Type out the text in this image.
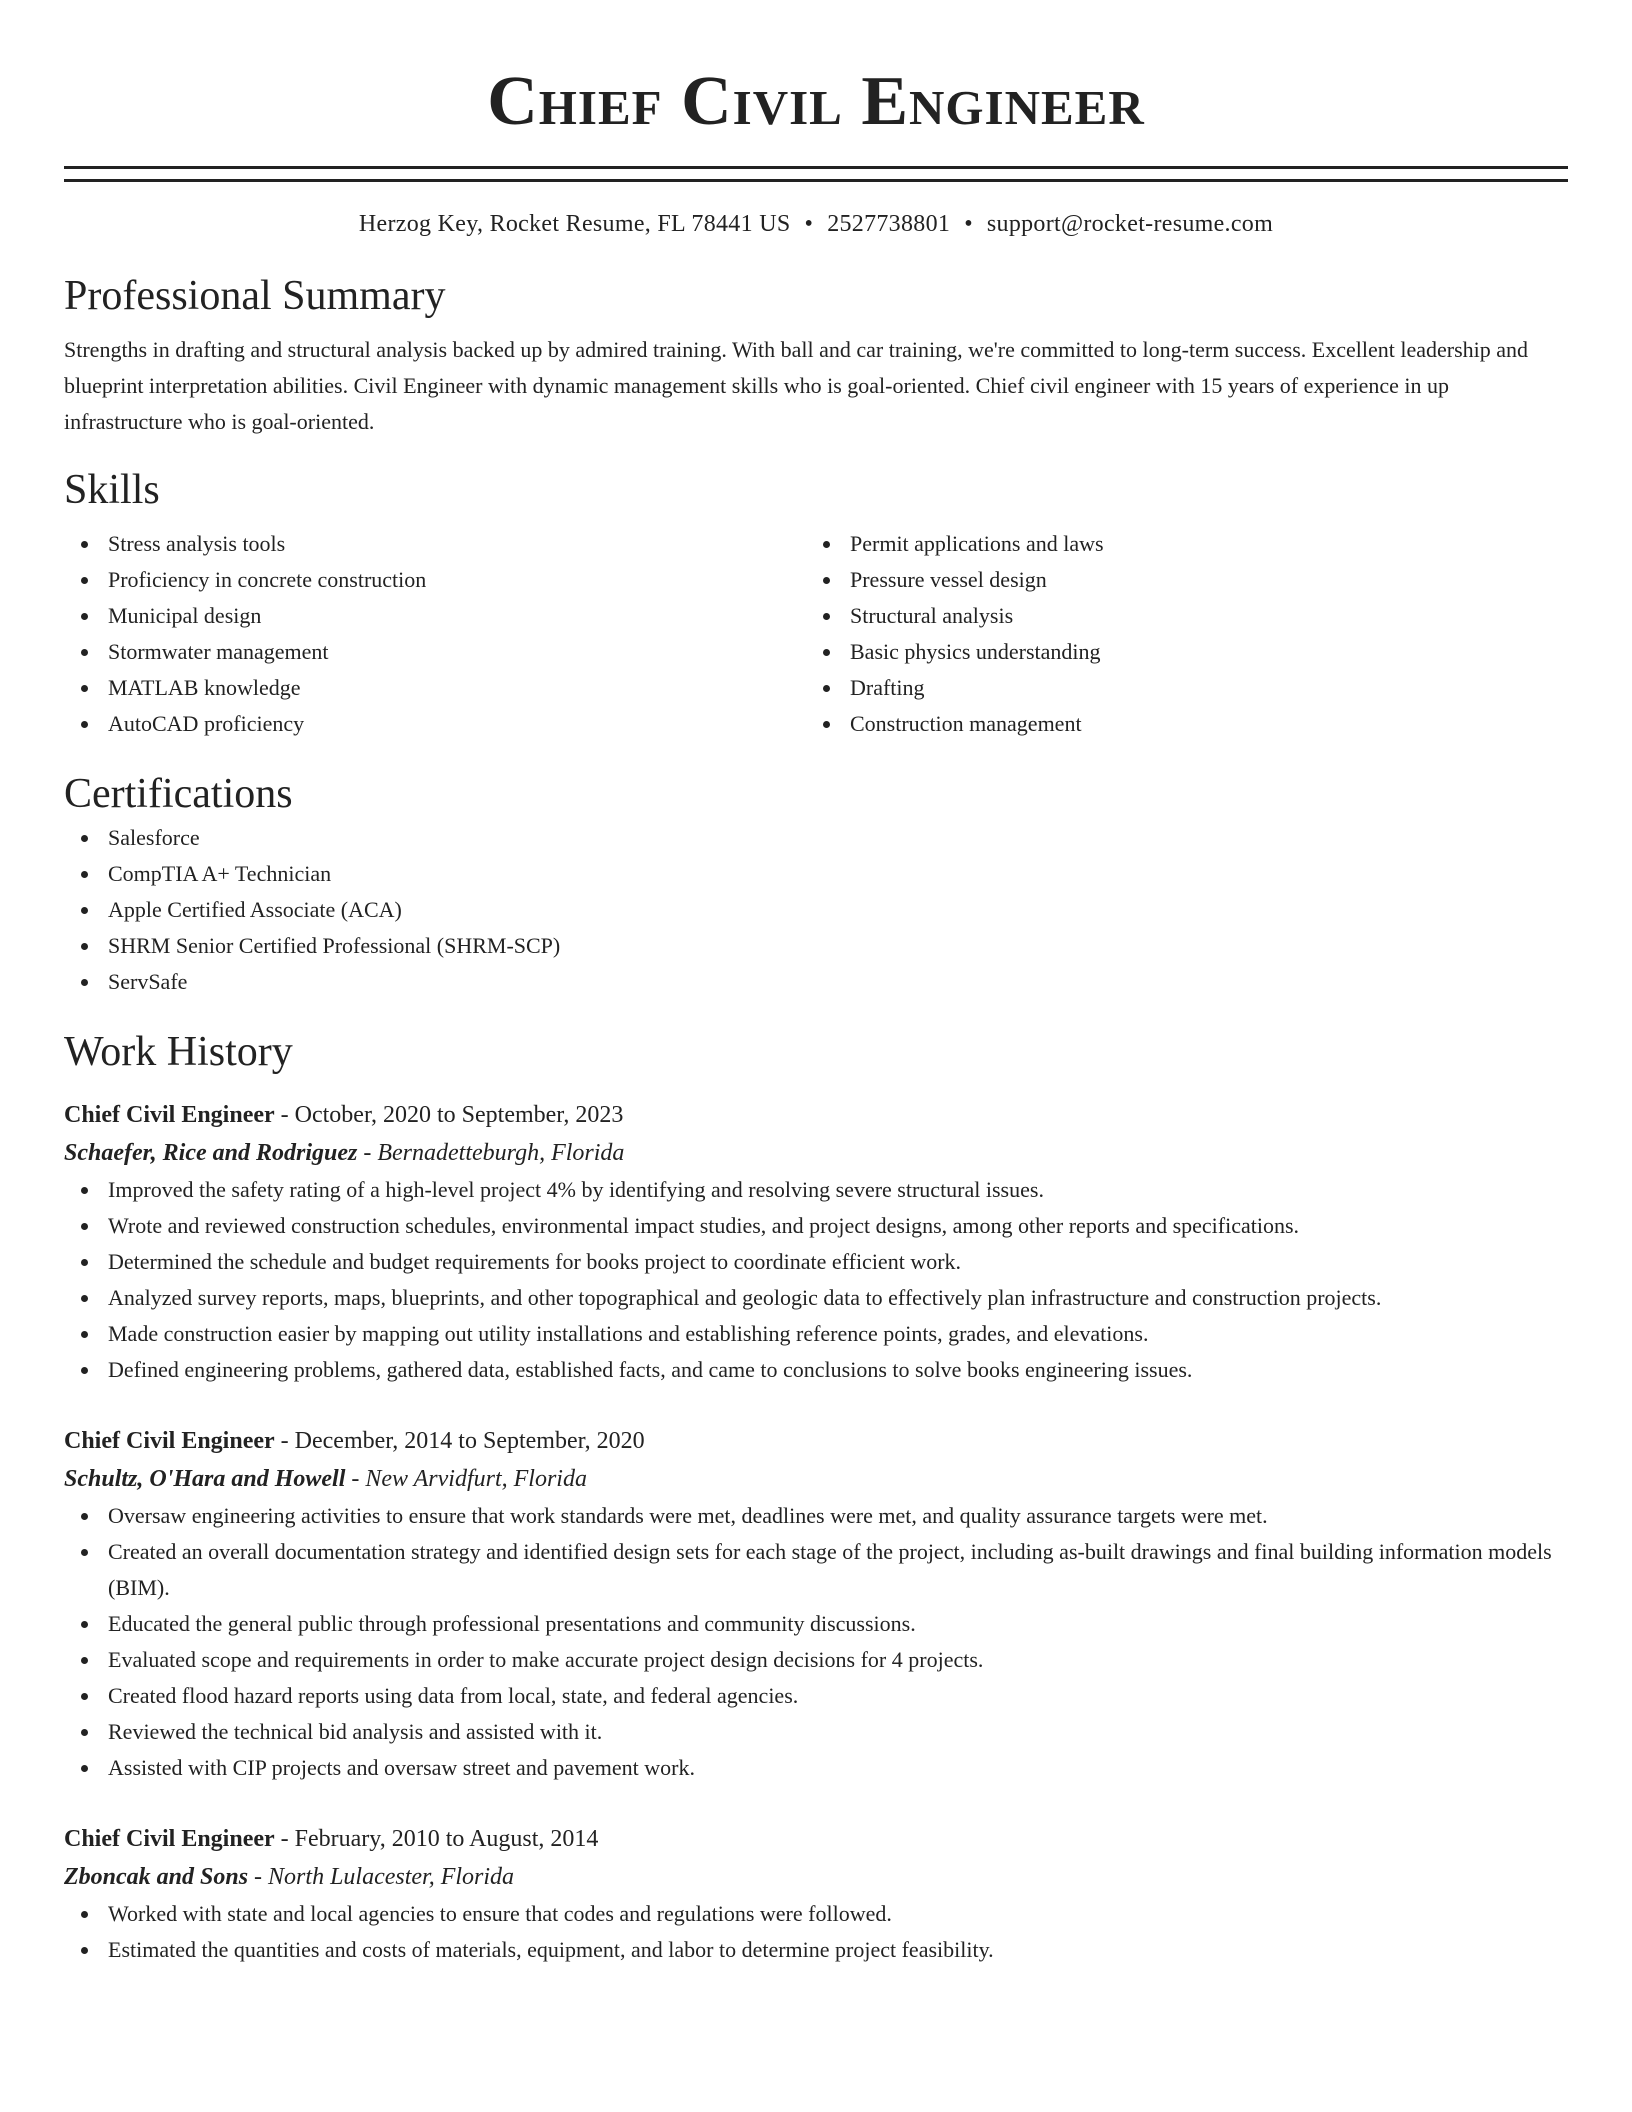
Chief Civil Engineer
Herzog Key, Rocket Resume, FL 78441 US • 2527738801 • support@rocket-resume.com
Professional Summary

Strengths in drafting and structural analysis backed up by admired training. With ball and car training, we're committed to long-term success. Excellent leadership and blueprint interpretation abilities. Civil Engineer with dynamic management skills who is goal-oriented. Chief civil engineer with 15 years of experience in up infrastructure who is goal-oriented.

Skills
Stress analysis tools
Proficiency in concrete construction
Municipal design
Stormwater management
MATLAB knowledge
AutoCAD proficiency
Permit applications and laws
Pressure vessel design
Structural analysis
Basic physics understanding
Drafting
Construction management
Certifications
Salesforce
CompTIA A+ Technician
Apple Certified Associate (ACA)
SHRM Senior Certified Professional (SHRM-SCP)
ServSafe
Work History
Chief Civil Engineer - October, 2020 to September, 2023
Schaefer, Rice and Rodriguez - Bernadetteburgh, Florida
Improved the safety rating of a high-level project 4% by identifying and resolving severe structural issues.
Wrote and reviewed construction schedules, environmental impact studies, and project designs, among other reports and specifications.
Determined the schedule and budget requirements for books project to coordinate efficient work.
Analyzed survey reports, maps, blueprints, and other topographical and geologic data to effectively plan infrastructure and construction projects.
Made construction easier by mapping out utility installations and establishing reference points, grades, and elevations.
Defined engineering problems, gathered data, established facts, and came to conclusions to solve books engineering issues.
Chief Civil Engineer - December, 2014 to September, 2020
Schultz, O'Hara and Howell - New Arvidfurt, Florida
Oversaw engineering activities to ensure that work standards were met, deadlines were met, and quality assurance targets were met.
Created an overall documentation strategy and identified design sets for each stage of the project, including as-built drawings and final building information models (BIM).
Educated the general public through professional presentations and community discussions.
Evaluated scope and requirements in order to make accurate project design decisions for 4 projects.
Created flood hazard reports using data from local, state, and federal agencies.
Reviewed the technical bid analysis and assisted with it.
Assisted with CIP projects and oversaw street and pavement work.
Chief Civil Engineer - February, 2010 to August, 2014
Zboncak and Sons - North Lulacester, Florida
Worked with state and local agencies to ensure that codes and regulations were followed.
Estimated the quantities and costs of materials, equipment, and labor to determine project feasibility.
